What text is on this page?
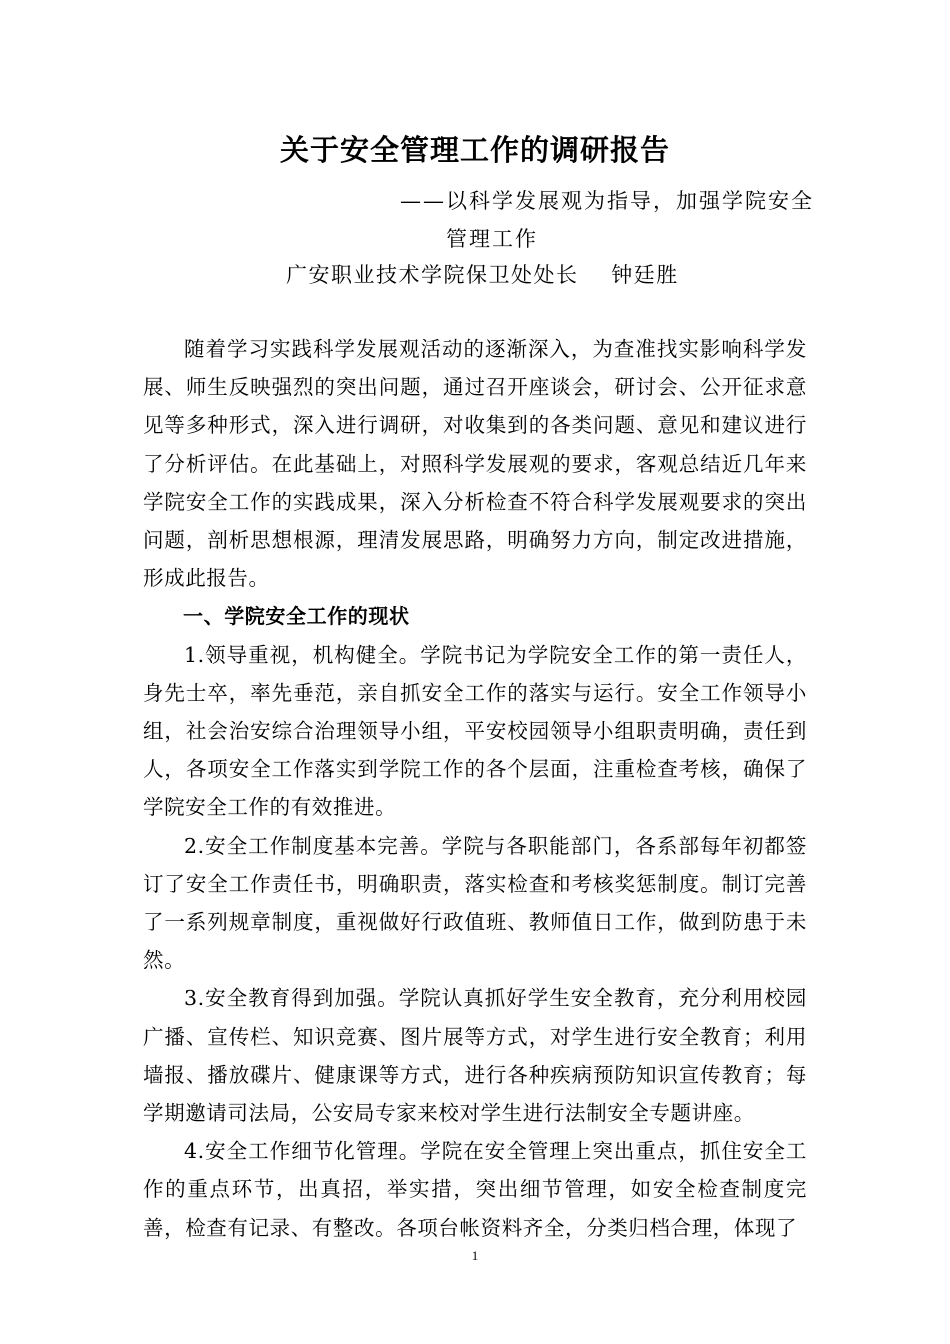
关于安全管理工作的调研报告
——以科学发展观为指导，加强学院安全
管理工作
广安职业技术学院保卫处处长    钟廷胜

随着学习实践科学发展观活动的逐渐深入，为查准找实影响科学发展、师生反映强烈的突出问题，通过召开座谈会，研讨会、公开征求意见等多种形式，深入进行调研，对收集到的各类问题、意见和建议进行了分析评估。在此基础上，对照科学发展观的要求，客观总结近几年来学院安全工作的实践成果，深入分析检查不符合科学发展观要求的突出问题，剖析思想根源，理清发展思路，明确努力方向，制定改进措施，形成此报告。

一、学院安全工作的现状

1.领导重视，机构健全。学院书记为学院安全工作的第一责任人，身先士卒，率先垂范，亲自抓安全工作的落实与运行。安全工作领导小组，社会治安综合治理领导小组，平安校园领导小组职责明确，责任到人，各项安全工作落实到学院工作的各个层面，注重检查考核，确保了学院安全工作的有效推进。

2.安全工作制度基本完善。学院与各职能部门，各系部每年初都签订了安全工作责任书，明确职责，落实检查和考核奖惩制度。制订完善了一系列规章制度，重视做好行政值班、教师值日工作，做到防患于未然。

3.安全教育得到加强。学院认真抓好学生安全教育，充分利用校园广播、宣传栏、知识竞赛、图片展等方式，对学生进行安全教育；利用墙报、播放碟片、健康课等方式，进行各种疾病预防知识宣传教育；每学期邀请司法局，公安局专家来校对学生进行法制安全专题讲座。

4.安全工作细节化管理。学院在安全管理上突出重点，抓住安全工作的重点环节，出真招，举实措，突出细节管理，如安全检查制度完善，检查有记录、有整改。各项台帐资料齐全，分类归档合理，体现了

1
